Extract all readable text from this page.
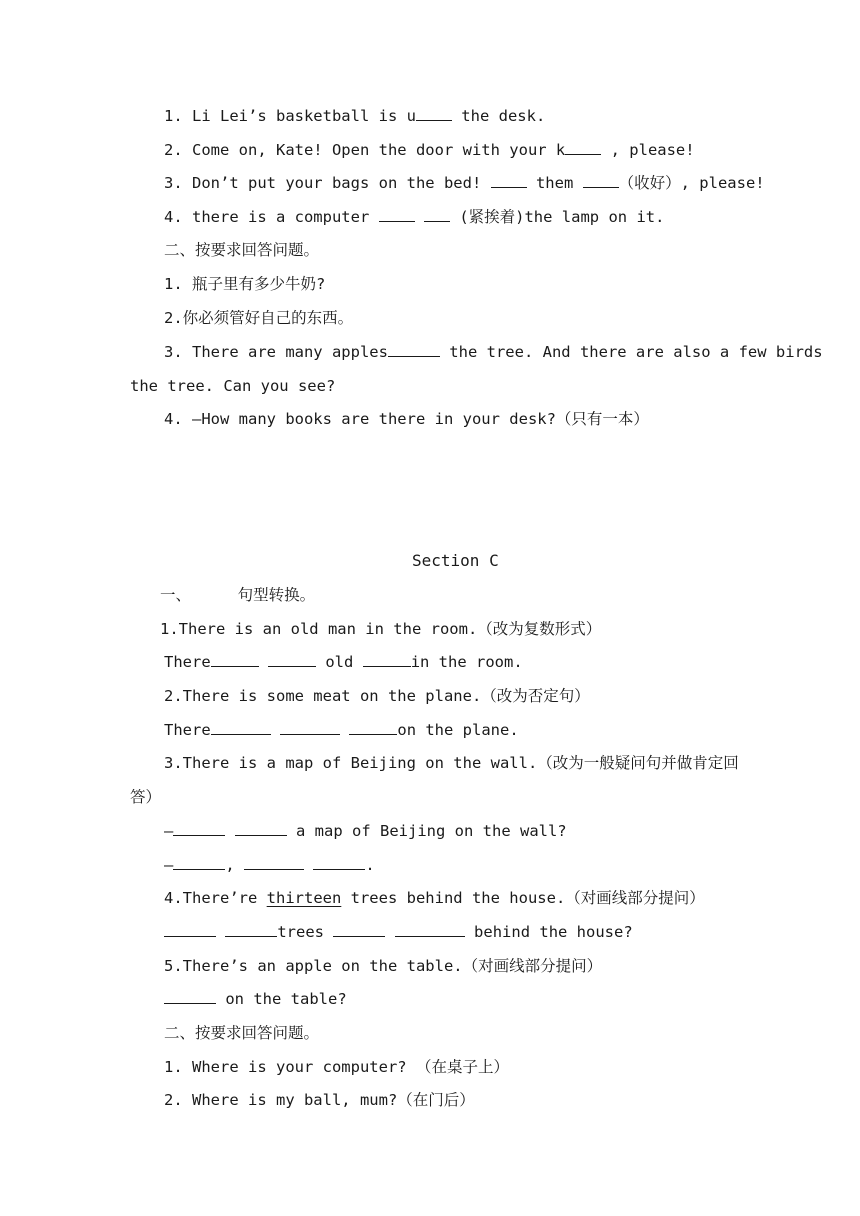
1. Li Lei’s basketball is u the desk.
2. Come on, Kate! Open the door with your k , please!
3. Don’t put your bags on the bed!  them （收好）, please!
4. there is a computer	(紧挨着)the lamp on it.
二、按要求回答问题。
1. 瓶子里有多少牛奶?
2.你必须管好自己的东西。
3. There are many apples	the tree. And there are also a few birds
the tree. Can you see?
4. —How many books are there in your desk?（只有一本）
Section C
一、     句型转换。
1.There is an old man in the room.（改为复数形式）
There	old	in the room.
2.There is some meat on the plane.（改为否定句）
There	on the plane.
3.There is a map of Beijing on the wall.（改为一般疑问句并做肯定回
答）
—	a map of Beijing on the wall?
—	,	.
4.There’re thirteen trees behind the house.（对画线部分提问）
trees	behind the house?
5.There’s an apple on the table.（对画线部分提问）
on the table?
二、按要求回答问题。
1. Where is your computer? （在桌子上）
2. Where is my ball, mum?（在门后）
